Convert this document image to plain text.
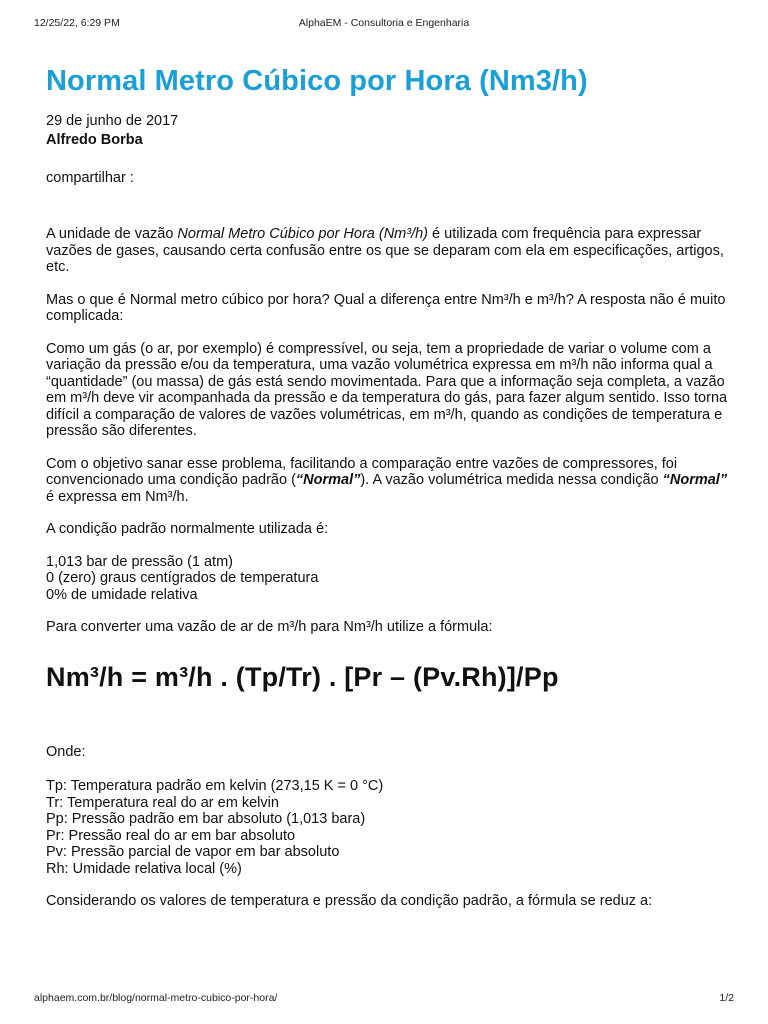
12/25/22, 6:29 PM	AlphaEM - Consultoria e Engenharia
Normal Metro Cúbico por Hora (Nm3/h)
29 de junho de 2017
Alfredo Borba
compartilhar :

A unidade de vazão Normal Metro Cúbico por Hora (Nm³/h) é utilizada com frequência para expressar vazões de gases, causando certa confusão entre os que se deparam com ela em especificações, artigos, etc.

Mas o que é Normal metro cúbico por hora? Qual a diferença entre Nm³/h e m³/h? A resposta não é muito complicada:

Como um gás (o ar, por exemplo) é compressível, ou seja, tem a propriedade de variar o volume com a variação da pressão e/ou da temperatura, uma vazão volumétrica expressa em m³/h não informa qual a “quantidade” (ou massa) de gás está sendo movimentada. Para que a informação seja completa, a vazão em m³/h deve vir acompanhada da pressão e da temperatura do gás, para fazer algum sentido. Isso torna difícil a comparação de valores de vazões volumétricas, em m³/h, quando as condições de temperatura e pressão são diferentes.

Com o objetivo sanar esse problema, facilitando a comparação entre vazões de compressores, foi convencionado uma condição padrão (“Normal”). A vazão volumétrica medida nessa condição “Normal” é expressa em Nm³/h.

A condição padrão normalmente utilizada é:

1,013 bar de pressão (1 atm)

0 (zero) graus centígrados de temperatura

0% de umidade relativa

Para converter uma vazão de ar de m³/h para Nm³/h utilize a fórmula:

Nm³/h = m³/h . (Tp/Tr) . [Pr – (Pv.Rh)]/Pp

Onde:

Tp: Temperatura padrão em kelvin (273,15 K = 0 °C)
Tr: Temperatura real do ar em kelvin
Pp: Pressão padrão em bar absoluto (1,013 bara)
Pr: Pressão real do ar em bar absoluto
Pv: Pressão parcial de vapor em bar absoluto
Rh: Umidade relativa local (%)

Considerando os valores de temperatura e pressão da condição padrão, a fórmula se reduz a:

alphaem.com.br/blog/normal-metro-cubico-por-hora/	1/2
